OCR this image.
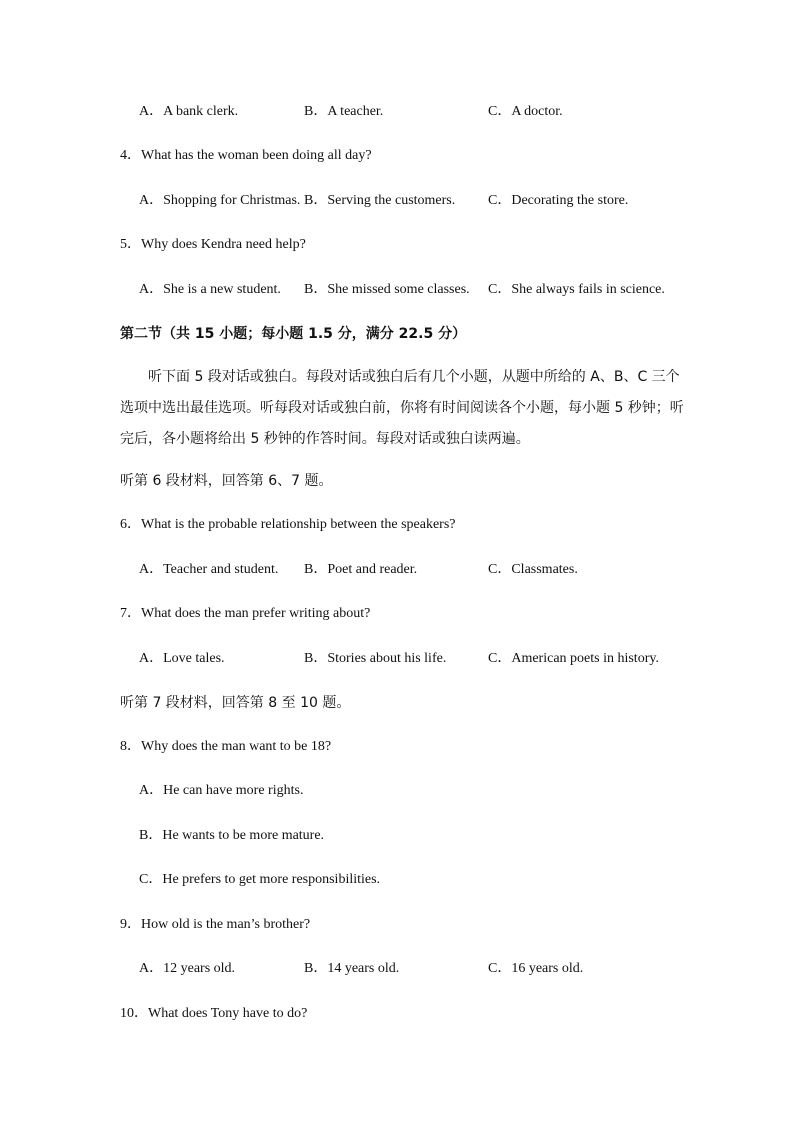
A．A bank clerk.	B．A teacher.	C．A doctor.
4．What has the woman been doing all day?
A．Shopping for Christmas. B．Serving the customers. C．Decorating the store.
5．Why does Kendra need help?
A．She is a new student. B．She missed some classes. C．She always fails in science.
第二节（共 15 小题；每小题 1.5 分，满分 22.5 分）
听下面 5 段对话或独白。每段对话或独白后有几个小题，从题中所给的 A、B、C 三个
选项中选出最佳选项。听每段对话或独白前，你将有时间阅读各个小题，每小题 5 秒钟；听
完后，各小题将给出 5 秒钟的作答时间。每段对话或独白读两遍。
听第 6 段材料，回答第 6、7 题。
6．What is the probable relationship between the speakers?
A．Teacher and student. B．Poet and reader.	C．Classmates.
7．What does the man prefer writing about?
A．Love tales.	B．Stories about his life.	C．American poets in history.
听第 7 段材料，回答第 8 至 10 题。
8．Why does the man want to be 18?
A．He can have more rights.
B．He wants to be more mature.
C．He prefers to get more responsibilities.
9．How old is the man’s brother?
A．12 years old.	B．14 years old.	C．16 years old.
10．What does Tony have to do?
